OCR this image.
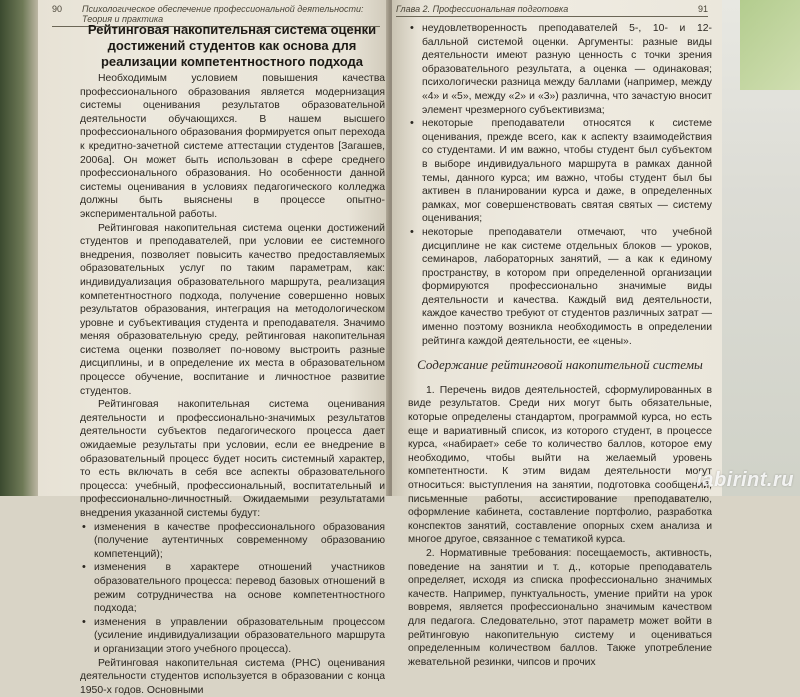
90 Психологическое обеспечение профессиональной деятельности: Теория и практика
Рейтинговая накопительная система оценки достижений студентов как основа для реализации компетентностного подхода

Необходимым условием повышения качества профессионального образования является модернизация системы оценивания результатов образовательной деятельности обучающихся. В нашем высшего профессионального образования формируется опыт перехода к кредитно-зачетной системе аттестации студентов [Загашев, 2006а]. Он может быть использован в сфере среднего профессионального образования. Но особенности данной системы оценивания в условиях педагогического колледжа должны быть выяснены в процессе опытно-экспериментальной работы.

Рейтинговая накопительная система оценки достижений студентов и преподавателей, при условии ее системного внедрения, позволяет повысить качество предоставляемых образовательных услуг по таким параметрам, как: индивидуализация образовательного маршрута, реализация компетентностного подхода, получение совершенно новых результатов образования, интеграция на методологическом уровне и субъективация студента и преподавателя. Значимо меняя образовательную среду, рейтинговая накопительная система оценки позволяет по-новому выстроить разные дисциплины, и в определение их места в образовательном процессе обучение, воспитание и личностное развитие студентов.

Рейтинговая накопительная система оценивания деятельности и профессионально-значимых результатов деятельности субъектов педагогического процесса дает ожидаемые результаты при условии, если ее внедрение в образовательный процесс будет носить системный характер, то есть включать в себя все аспекты образовательного процесса: учебный, профессиональный, воспитательный и профессионально-личностный. Ожидаемыми результатами внедрения указанной системы будут:

• изменения в качестве профессионального образования (получение аутентичных современному образованию компетенций);
• изменения в характере отношений участников образовательного процесса: перевод базовых отношений в режим сотрудничества на основе компетентностного подхода;
• изменения в управлении образовательным процессом (усиление индивидуализации образовательного маршрута и организации этого учебного процесса).

Рейтинговая накопительная система (РНС) оценивания деятельности студентов используется в образовании с конца 1950-х годов. Основными

Глава 2. Профессиональная подготовка	91
• неудовлетворенность преподавателей 5-, 10- и 12-балльной системой оценки. Аргументы: разные виды деятельности имеют разную ценность с точки зрения образовательного результата, а оценка — одинаковая; психологически разница между баллами (например, между «4» и «5», между «2» и «3») различна, что зачастую вносит элемент чрезмерного субъективизма;
• некоторые преподаватели относятся к системе оценивания, прежде всего, как к аспекту взаимодействия со студентами. И им важно, чтобы студент был субъектом в выборе индивидуального маршрута в рамках данной темы, данного курса; им важно, чтобы студент был бы активен в планировании курса и даже, в определенных рамках, мог совершенствовать святая святых — систему оценивания;
• некоторые преподаватели отмечают, что учебной дисциплине не как системе отдельных блоков — уроков, семинаров, лабораторных занятий, — а как к единому пространству, в котором при определенной организации формируются профессионально значимые виды деятельности и качества. Каждый вид деятельности, каждое качество требуют от студентов различных затрат — именно поэтому возникла необходимость в определении рейтинга каждой деятельности, ее «цены».
Содержание рейтинговой накопительной системы

1. Перечень видов деятельностей, сформулированных в виде результатов. Среди них могут быть обязательные, которые определены стандартом, программой курса, но есть еще и вариативный список, из которого студент, в процессе курса, «набирает» себе то количество баллов, которое ему необходимо, чтобы выйти на желаемый уровень компетентности. К этим видам деятельности могут относиться: выступления на занятии, подготовка сообщений, письменные работы, ассистирование преподавателю, оформление кабинета, составление портфолио, разработка конспектов занятий, составление опорных схем анализа и многое другое, связанное с тематикой курса.

2. Нормативные требования: посещаемость, активность, поведение на занятии и т. д., которые преподаватель определяет, исходя из списка профессионально значимых качеств. Например, пунктуальность, умение прийти на урок вовремя, является профессионально значимым качеством для педагога. Следовательно, этот параметр может войти в рейтинговую накопительную систему и оцениваться определенным количеством баллов. Также употребление жевательной резинки, чипсов и прочих

labirint.ru
